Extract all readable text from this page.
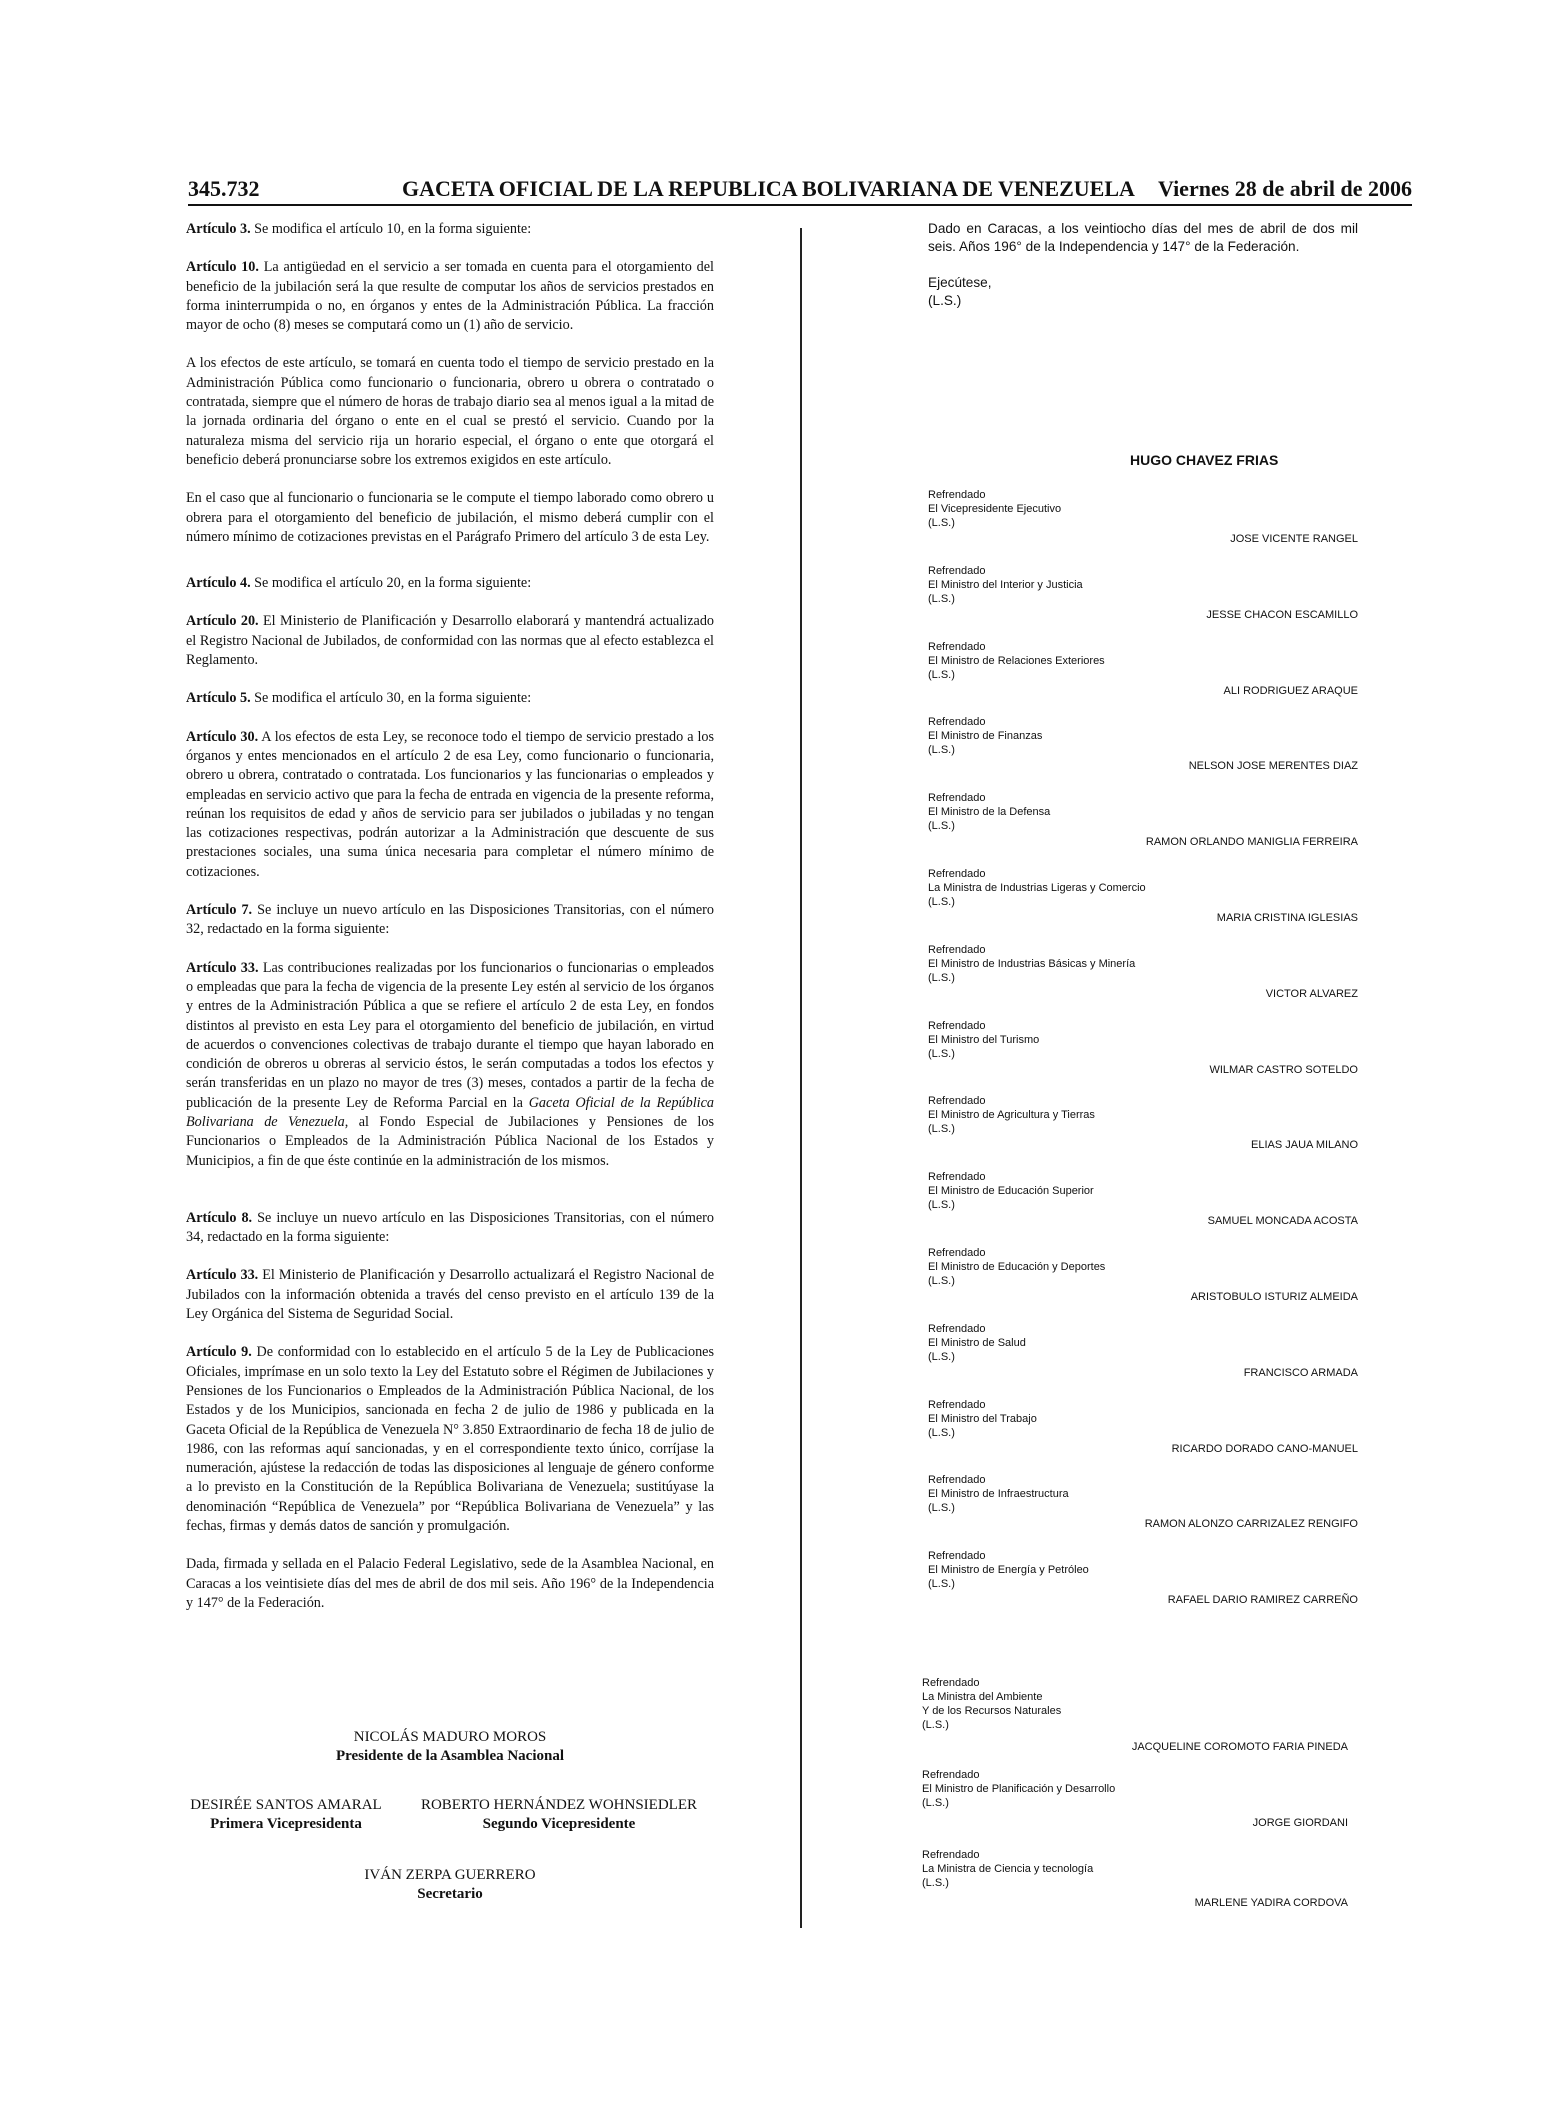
345.732	GACETA OFICIAL DE LA REPUBLICA BOLIVARIANA DE VENEZUELA Viernes 28 de abril de 2006

Artículo 3. Se modifica el artículo 10, en la forma siguiente:

Artículo 10. La antigüedad en el servicio a ser tomada en cuenta para el otorgamiento del beneficio de la jubilación será la que resulte de computar los años de servicios prestados en forma ininterrumpida o no, en órganos y entes de la Administración Pública. La fracción mayor de ocho (8) meses se computará como un (1) año de servicio.

A los efectos de este artículo, se tomará en cuenta todo el tiempo de servicio prestado en la Administración Pública como funcionario o funcionaria, obrero u obrera o contratado o contratada, siempre que el número de horas de trabajo diario sea al menos igual a la mitad de la jornada ordinaria del órgano o ente en el cual se prestó el servicio. Cuando por la naturaleza misma del servicio rija un horario especial, el órgano o ente que otorgará el beneficio deberá pronunciarse sobre los extremos exigidos en este artículo.

En el caso que al funcionario o funcionaria se le compute el tiempo laborado como obrero u obrera para el otorgamiento del beneficio de jubilación, el mismo deberá cumplir con el número mínimo de cotizaciones previstas en el Parágrafo Primero del artículo 3 de esta Ley.

Artículo 4. Se modifica el artículo 20, en la forma siguiente:

Artículo 20. El Ministerio de Planificación y Desarrollo elaborará y mantendrá actualizado el Registro Nacional de Jubilados, de conformidad con las normas que al efecto establezca el Reglamento.

Artículo 5. Se modifica el artículo 30, en la forma siguiente:

Artículo 30. A los efectos de esta Ley, se reconoce todo el tiempo de servicio prestado a los órganos y entes mencionados en el artículo 2 de esa Ley, como funcionario o funcionaria, obrero u obrera, contratado o contratada. Los funcionarios y las funcionarias o empleados y empleadas en servicio activo que para la fecha de entrada en vigencia de la presente reforma, reúnan los requisitos de edad y años de servicio para ser jubilados o jubiladas y no tengan las cotizaciones respectivas, podrán autorizar a la Administración que descuente de sus prestaciones sociales, una suma única necesaria para completar el número mínimo de cotizaciones.

Artículo 7. Se incluye un nuevo artículo en las Disposiciones Transitorias, con el número 32, redactado en la forma siguiente:

Artículo 33. Las contribuciones realizadas por los funcionarios o funcionarias o empleados o empleadas que para la fecha de vigencia de la presente Ley estén al servicio de los órganos y entres de la Administración Pública a que se refiere el artículo 2 de esta Ley, en fondos distintos al previsto en esta Ley para el otorgamiento del beneficio de jubilación, en virtud de acuerdos o convenciones colectivas de trabajo durante el tiempo que hayan laborado en condición de obreros u obreras al servicio éstos, le serán computadas a todos los efectos y serán transferidas en un plazo no mayor de tres (3) meses, contados a partir de la fecha de publicación de la presente Ley de Reforma Parcial en la Gaceta Oficial de la República Bolivariana de Venezuela, al Fondo Especial de Jubilaciones y Pensiones de los Funcionarios o Empleados de la Administración Pública Nacional de los Estados y Municipios, a fin de que éste continúe en la administración de los mismos.

Artículo 8. Se incluye un nuevo artículo en las Disposiciones Transitorias, con el número 34, redactado en la forma siguiente:

Artículo 33. El Ministerio de Planificación y Desarrollo actualizará el Registro Nacional de Jubilados con la información obtenida a través del censo previsto en el artículo 139 de la Ley Orgánica del Sistema de Seguridad Social.

Artículo 9. De conformidad con lo establecido en el artículo 5 de la Ley de Publicaciones Oficiales, imprímase en un solo texto la Ley del Estatuto sobre el Régimen de Jubilaciones y Pensiones de los Funcionarios o Empleados de la Administración Pública Nacional, de los Estados y de los Municipios, sancionada en fecha 2 de julio de 1986 y publicada en la Gaceta Oficial de la República de Venezuela N° 3.850 Extraordinario de fecha 18 de julio de 1986, con las reformas aquí sancionadas, y en el correspondiente texto único, corríjase la numeración, ajústese la redacción de todas las disposiciones al lenguaje de género conforme a lo previsto en la Constitución de la República Bolivariana de Venezuela; sustitúyase la denominación “República de Venezuela” por “República Bolivariana de Venezuela” y las fechas, firmas y demás datos de sanción y promulgación.

Dada, firmada y sellada en el Palacio Federal Legislativo, sede de la Asamblea Nacional, en Caracas a los veintisiete días del mes de abril de dos mil seis. Año 196° de la Independencia y 147° de la Federación.

NICOLÁS MADURO MOROS
Presidente de la Asamblea Nacional
DESIRÉE SANTOS AMARAL
Primera Vicepresidenta
ROBERTO HERNÁNDEZ WOHNSIEDLER
Segundo Vicepresidente
IVÁN ZERPA GUERRERO
Secretario

Dado en Caracas, a los veintiocho días del mes de abril de dos mil seis. Años 196° de la Independencia y 147° de la Federación.

Ejecútese,
(L.S.)
HUGO CHAVEZ FRIAS
Refrendado
El Vicepresidente Ejecutivo
(L.S.)
JOSE VICENTE RANGEL
Refrendado
El Ministro del Interior y Justicia
(L.S.)
JESSE CHACON ESCAMILLO
Refrendado
El Ministro de Relaciones Exteriores
(L.S.)
ALI RODRIGUEZ ARAQUE
Refrendado
El Ministro de Finanzas
(L.S.)
NELSON JOSE MERENTES DIAZ
Refrendado
El Ministro de la Defensa
(L.S.)
RAMON ORLANDO MANIGLIA FERREIRA
Refrendado
La Ministra de Industrias Ligeras y Comercio
(L.S.)
MARIA CRISTINA IGLESIAS
Refrendado
El Ministro de Industrias Básicas y Minería
(L.S.)
VICTOR ALVAREZ
Refrendado
El Ministro del Turismo
(L.S.)
WILMAR CASTRO SOTELDO
Refrendado
El Ministro de Agricultura y Tierras
(L.S.)
ELIAS JAUA MILANO
Refrendado
El Ministro de Educación Superior
(L.S.)
SAMUEL MONCADA ACOSTA
Refrendado
El Ministro de Educación y Deportes
(L.S.)
ARISTOBULO ISTURIZ ALMEIDA
Refrendado
El Ministro de Salud
(L.S.)
FRANCISCO ARMADA
Refrendado
El Ministro del Trabajo
(L.S.)
RICARDO DORADO CANO-MANUEL
Refrendado
El Ministro de Infraestructura
(L.S.)
RAMON ALONZO CARRIZALEZ RENGIFO
Refrendado
El Ministro de Energía y Petróleo
(L.S.)
RAFAEL DARIO RAMIREZ CARREÑO
Refrendado
La Ministra del Ambiente
Y de los Recursos Naturales
(L.S.)
JACQUELINE COROMOTO FARIA PINEDA
Refrendado
El Ministro de Planificación y Desarrollo
(L.S.)
JORGE GIORDANI
Refrendado
La Ministra de Ciencia y tecnología
(L.S.)
MARLENE YADIRA CORDOVA
